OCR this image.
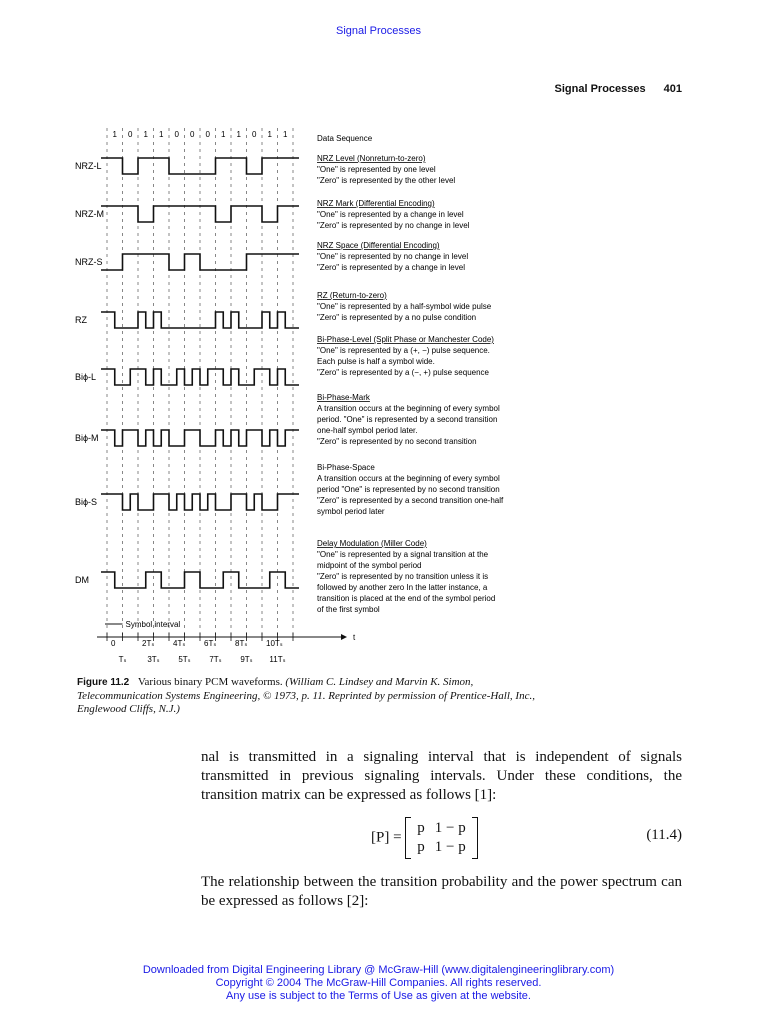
Signal Processes
Signal Processes 401
1 0 1 1 0 0 0 1 1 0 1 1
NRZ-L
NRZ-M
NRZ-S
RZ
Biϕ-L
Biϕ-M
Biϕ-S
DM
Data Sequence
NRZ Level (Nonreturn-to-zero)
"One" is represented by one level
"Zero" is represented by the other level
NRZ Mark (Differential Encoding)
"One" is represented by a change in level
"Zero" is represented by no change in level
NRZ Space (Differential Encoding)
"One" is represented by no change in level
"Zero" is represented by a change in level
RZ (Return-to-zero)
"One" is represented by a half-symbol wide pulse
"Zero" is represented by a no pulse condition
Bi-Phase-Level (Split Phase or Manchester Code)
"One" is represented by a (+, −) pulse sequence.
Each pulse is half a symbol wide.
"Zero" is represented by a (−, +) pulse sequence
Bi-Phase-Mark
A transition occurs at the beginning of every symbol
period. "One" is represented by a second transition
one-half symbol period later.
"Zero" is represented by no second transition
Bi-Phase-Space
A transition occurs at the beginning of every symbol
period "One" is represented by no second transition
"Zero" is represented by a second transition one-half
symbol period later
Delay Modulation (Miller Code)
"One" is represented by a signal transition at the
midpoint of the symbol period
"Zero" is represented by no transition unless it is
followed by another zero In the latter instance, a
transition is placed at the end of the symbol period
of the first symbol
Symbol interval
t
0	2Tₛ 4Tₛ 6Tₛ 8Tₛ 10Tₛ
Tₛ	3Tₛ 5Tₛ 7Tₛ 9Tₛ 11Tₛ
Figure 11.2 Various binary PCM waveforms. (William C. Lindsey and Marvin K. Simon, Telecommunication Systems Engineering, © 1973, p. 11. Reprinted by permission of Prentice-Hall, Inc., Englewood Cliffs, N.J.)
nal is transmitted in a signaling interval that is independent of signals transmitted in previous signaling intervals. Under these conditions, the transition matrix can be expressed as follows [1]:
[P] =
p	1 − p
p	1 − p
(11.4)
The relationship between the transition probability and the power spectrum can be expressed as follows [2]:
Downloaded from Digital Engineering Library @ McGraw-Hill (www.digitalengineeringlibrary.com)
Copyright © 2004 The McGraw-Hill Companies. All rights reserved.
Any use is subject to the Terms of Use as given at the website.
